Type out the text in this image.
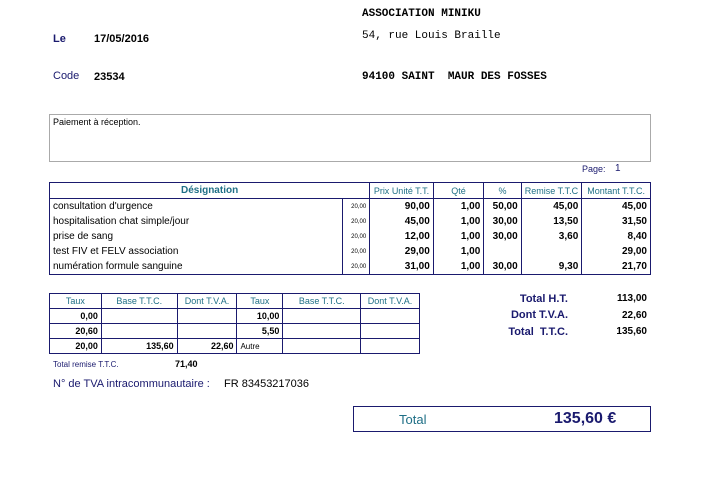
Le	17/05/2016
Code 23534
ASSOCIATION MINIKU
54, rue Louis Braille
94100 SAINT  MAUR DES FOSSES
Paiement à réception.
Page: 1
Désignation		Prix Unité T.T.	Qté	%	Remise T.T.C	Montant T.T.C.
consultation d'urgence	20,00	90,00	1,00	50,00	45,00	45,00
hospitalisation chat simple/jour	20,00	45,00	1,00	30,00	13,50	31,50
prise de sang	20,00	12,00	1,00	30,00	3,60	8,40
test FIV et FELV association	20,00	29,00	1,00			29,00
numération formule sanguine	20,00	31,00	1,00	30,00	9,30	21,70
Taux	Base T.T.C.	Dont T.V.A.	Taux	Base T.T.C.	Dont T.V.A.
0,00			10,00		
20,60			5,50		
20,00	135,60	22,60	Autre		
Total remise T.T.C.	71,40
N° de TVA intracommunautaire : FR 83453217036
Total H.T.	113,00
Dont T.V.A.	22,60
Total  T.T.C.	135,60
Total	135,60 €
